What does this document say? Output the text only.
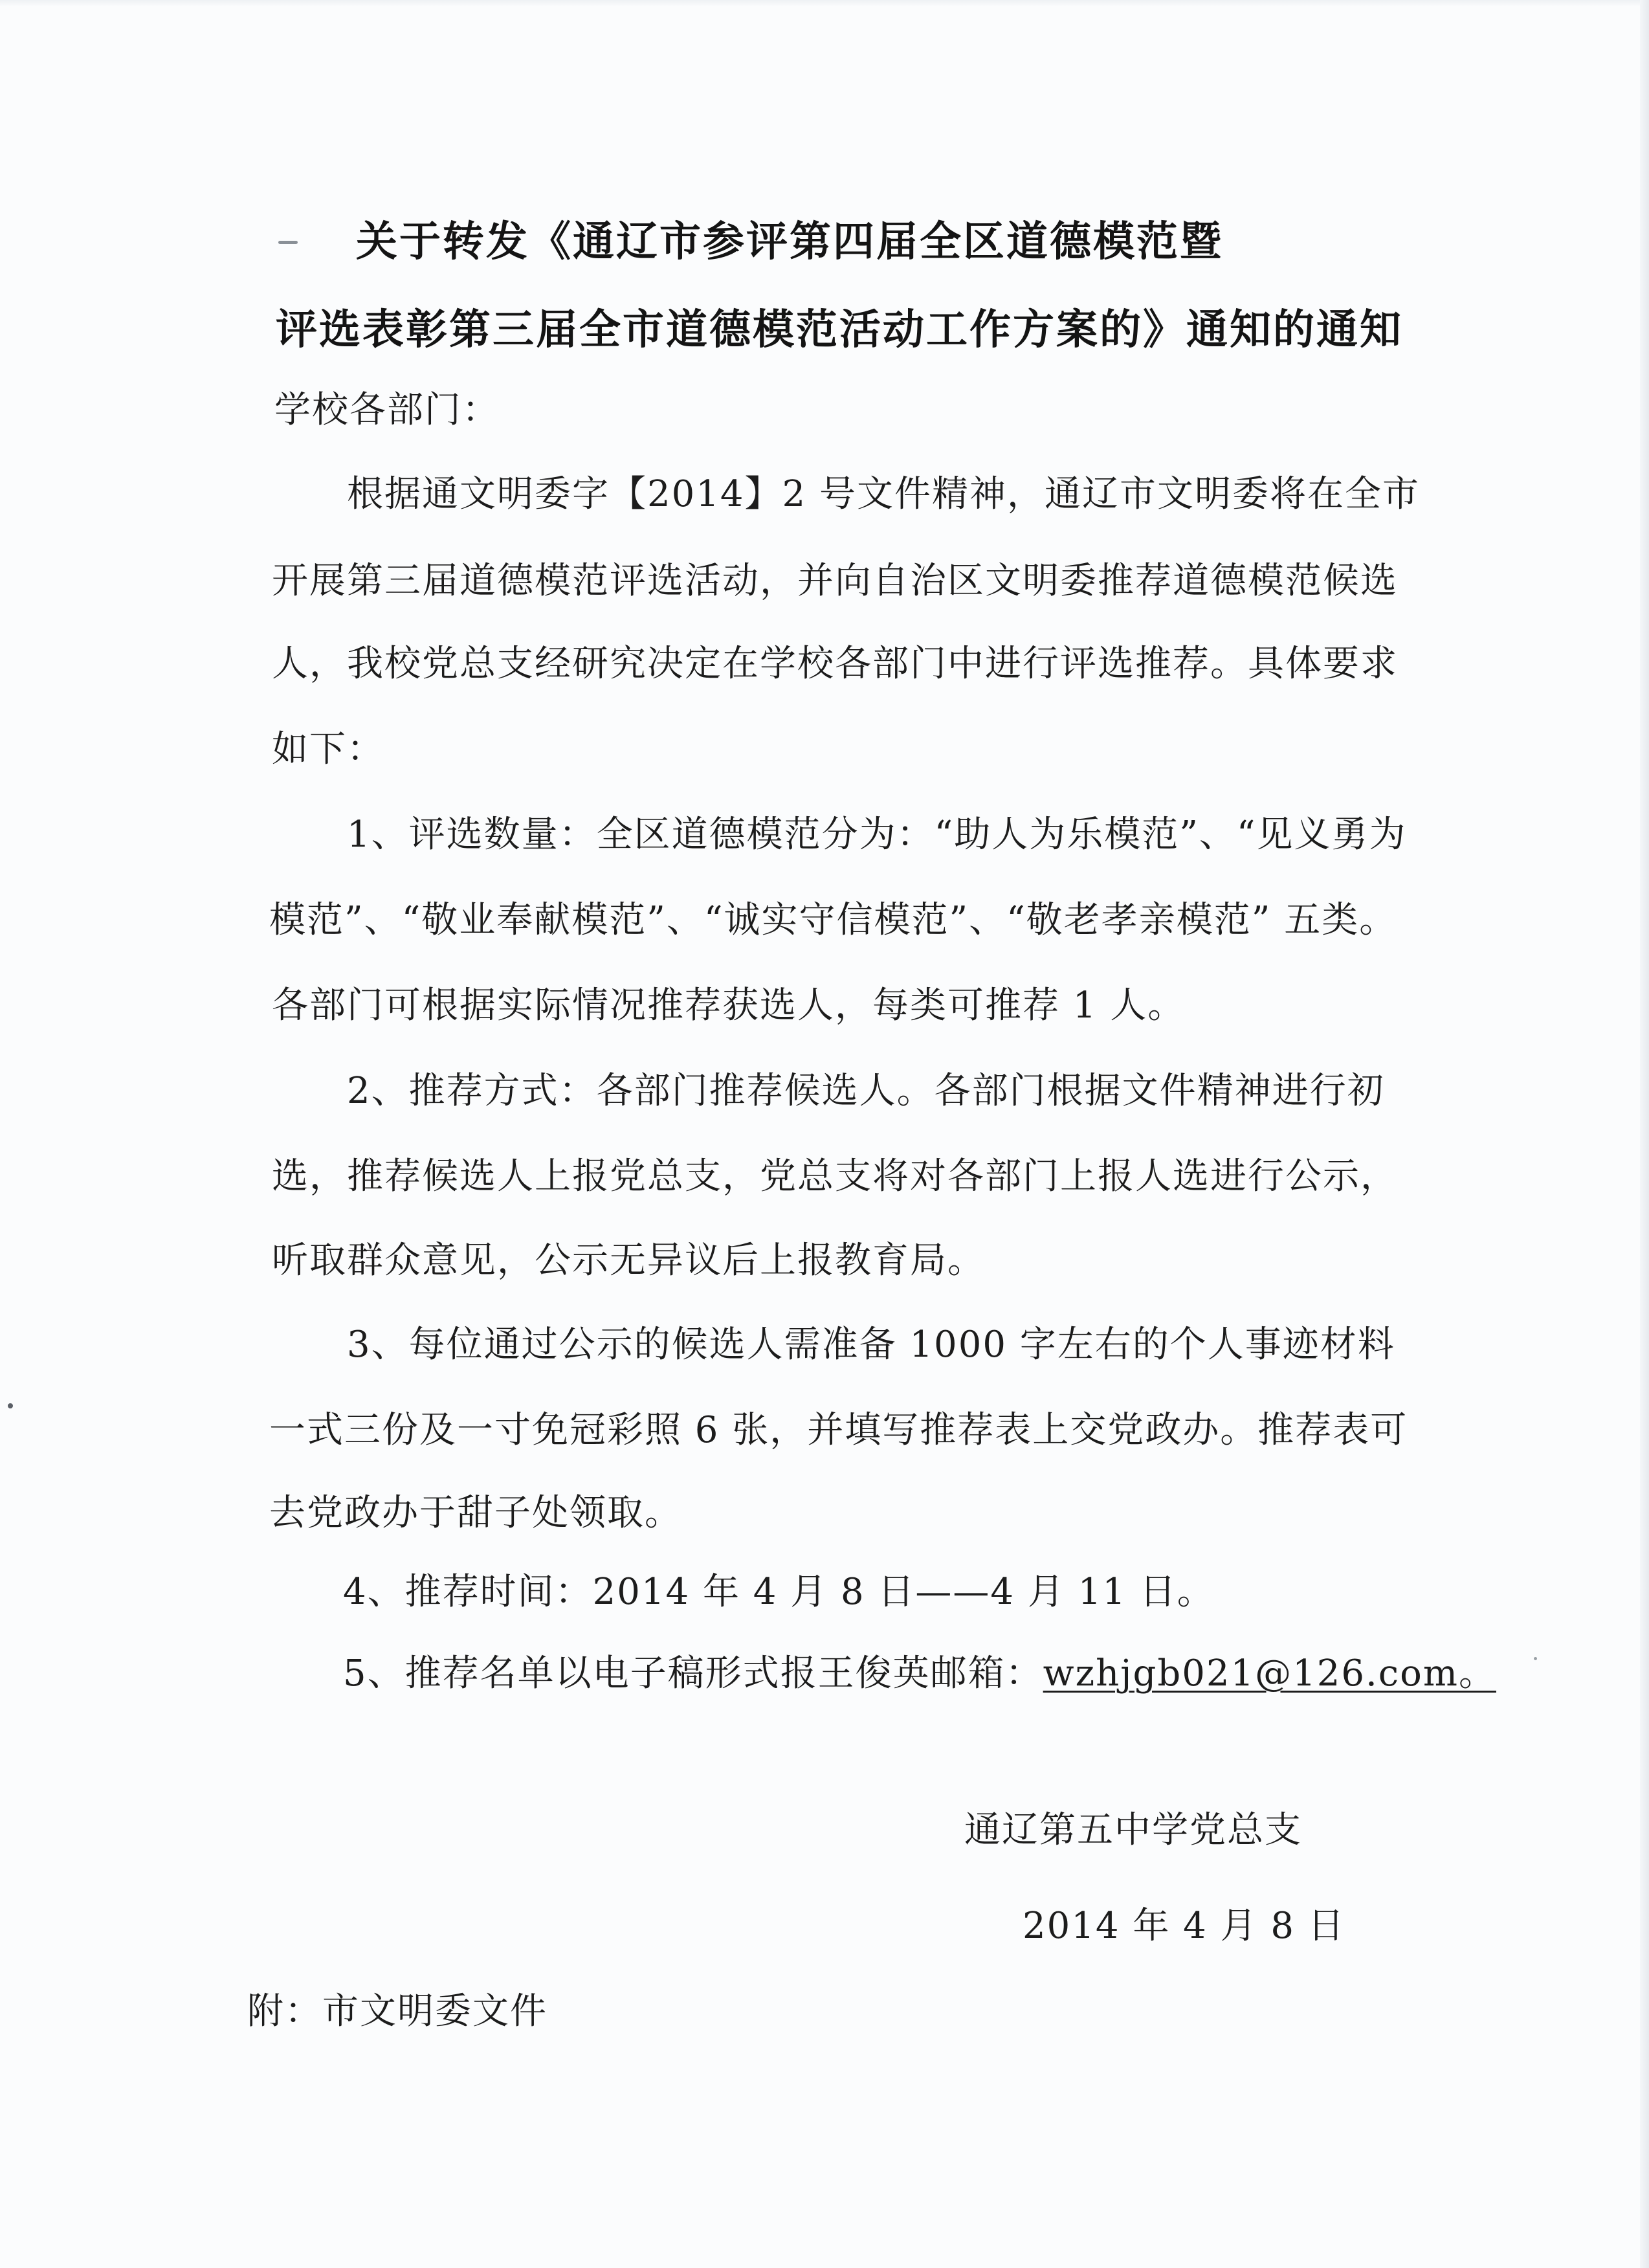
关于转发《通辽市参评第四届全区道德模范暨
评选表彰第三届全市道德模范活动工作方案的》通知的通知
学校各部门：
根据通文明委字【2014】2 号文件精神，通辽市文明委将在全市
开展第三届道德模范评选活动，并向自治区文明委推荐道德模范候选
人，我校党总支经研究决定在学校各部门中进行评选推荐。具体要求
如下：
1、评选数量：全区道德模范分为：“助人为乐模范”、“见义勇为
模范”、“敬业奉献模范”、“诚实守信模范”、“敬老孝亲模范” 五类。
各部门可根据实际情况推荐获选人，每类可推荐 1 人。
2、推荐方式：各部门推荐候选人。各部门根据文件精神进行初
选，推荐候选人上报党总支，党总支将对各部门上报人选进行公示，
听取群众意见，公示无异议后上报教育局。
3、每位通过公示的候选人需准备 1000 字左右的个人事迹材料
一式三份及一寸免冠彩照 6 张，并填写推荐表上交党政办。推荐表可
去党政办于甜子处领取。
4、推荐时间：2014 年 4 月 8 日——4 月 11 日。
5、推荐名单以电子稿形式报王俊英邮箱：wzhjgb021@126.com。
通辽第五中学党总支
2014 年 4 月 8 日
附：市文明委文件
